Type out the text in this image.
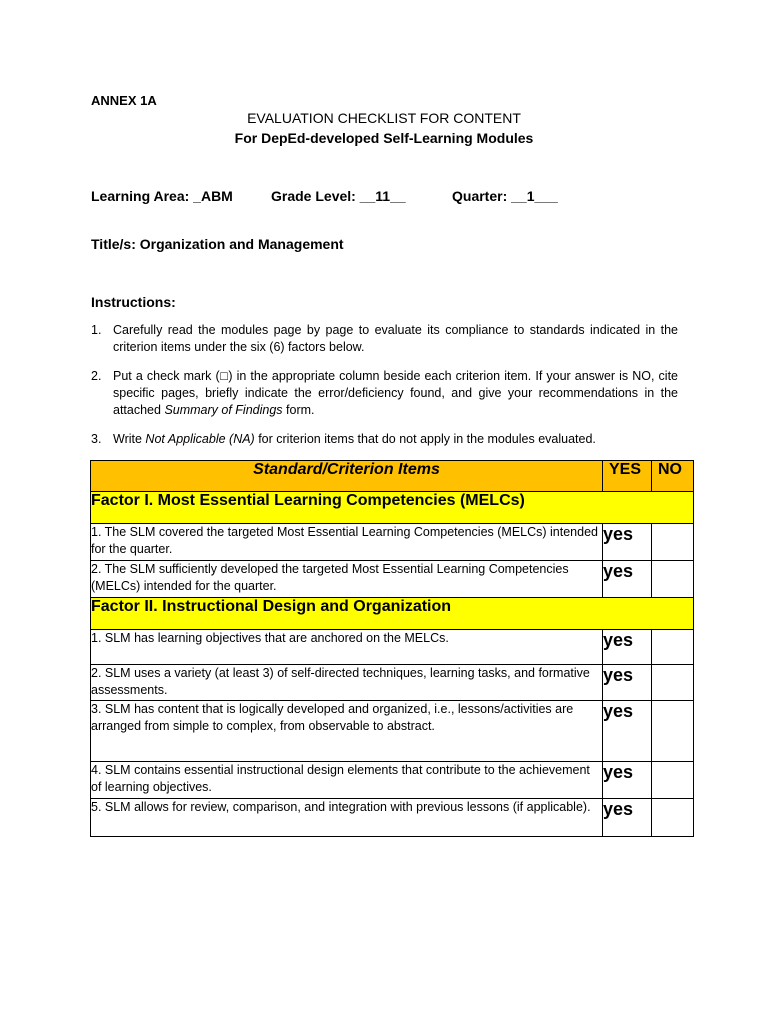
ANNEX 1A
EVALUATION CHECKLIST FOR CONTENT
For DepEd-developed Self-Learning Modules
Learning Area: _ABM	Grade Level: __11__	Quarter: __1___
Title/s: Organization and Management
Instructions:
1. Carefully read the modules page by page to evaluate its compliance to standards indicated in the criterion items under the six (6) factors below.
2. Put a check mark (□) in the appropriate column beside each criterion item. If your answer is NO, cite specific pages, briefly indicate the error/deficiency found, and give your recommendations in the attached Summary of Findings form.
3. Write Not Applicable (NA) for criterion items that do not apply in the modules evaluated.
Standard/Criterion Items	YES	NO
Factor I. Most Essential Learning Competencies (MELCs)		
1. The SLM covered the targeted Most Essential Learning Competencies (MELCs) intended for the quarter.	yes	
2. The SLM sufficiently developed the targeted Most Essential Learning Competencies (MELCs) intended for the quarter.	yes	
Factor II. Instructional Design and Organization		
1. SLM has learning objectives that are anchored on the MELCs.	yes	
2. SLM uses a variety (at least 3) of self-directed techniques, learning tasks, and formative assessments.	yes	
3. SLM has content that is logically developed and organized, i.e., lessons/activities are arranged from simple to complex, from observable to abstract.	yes	
4. SLM contains essential instructional design elements that contribute to the achievement of learning objectives.	yes	
5. SLM allows for review, comparison, and integration with previous lessons (if applicable).	yes	
